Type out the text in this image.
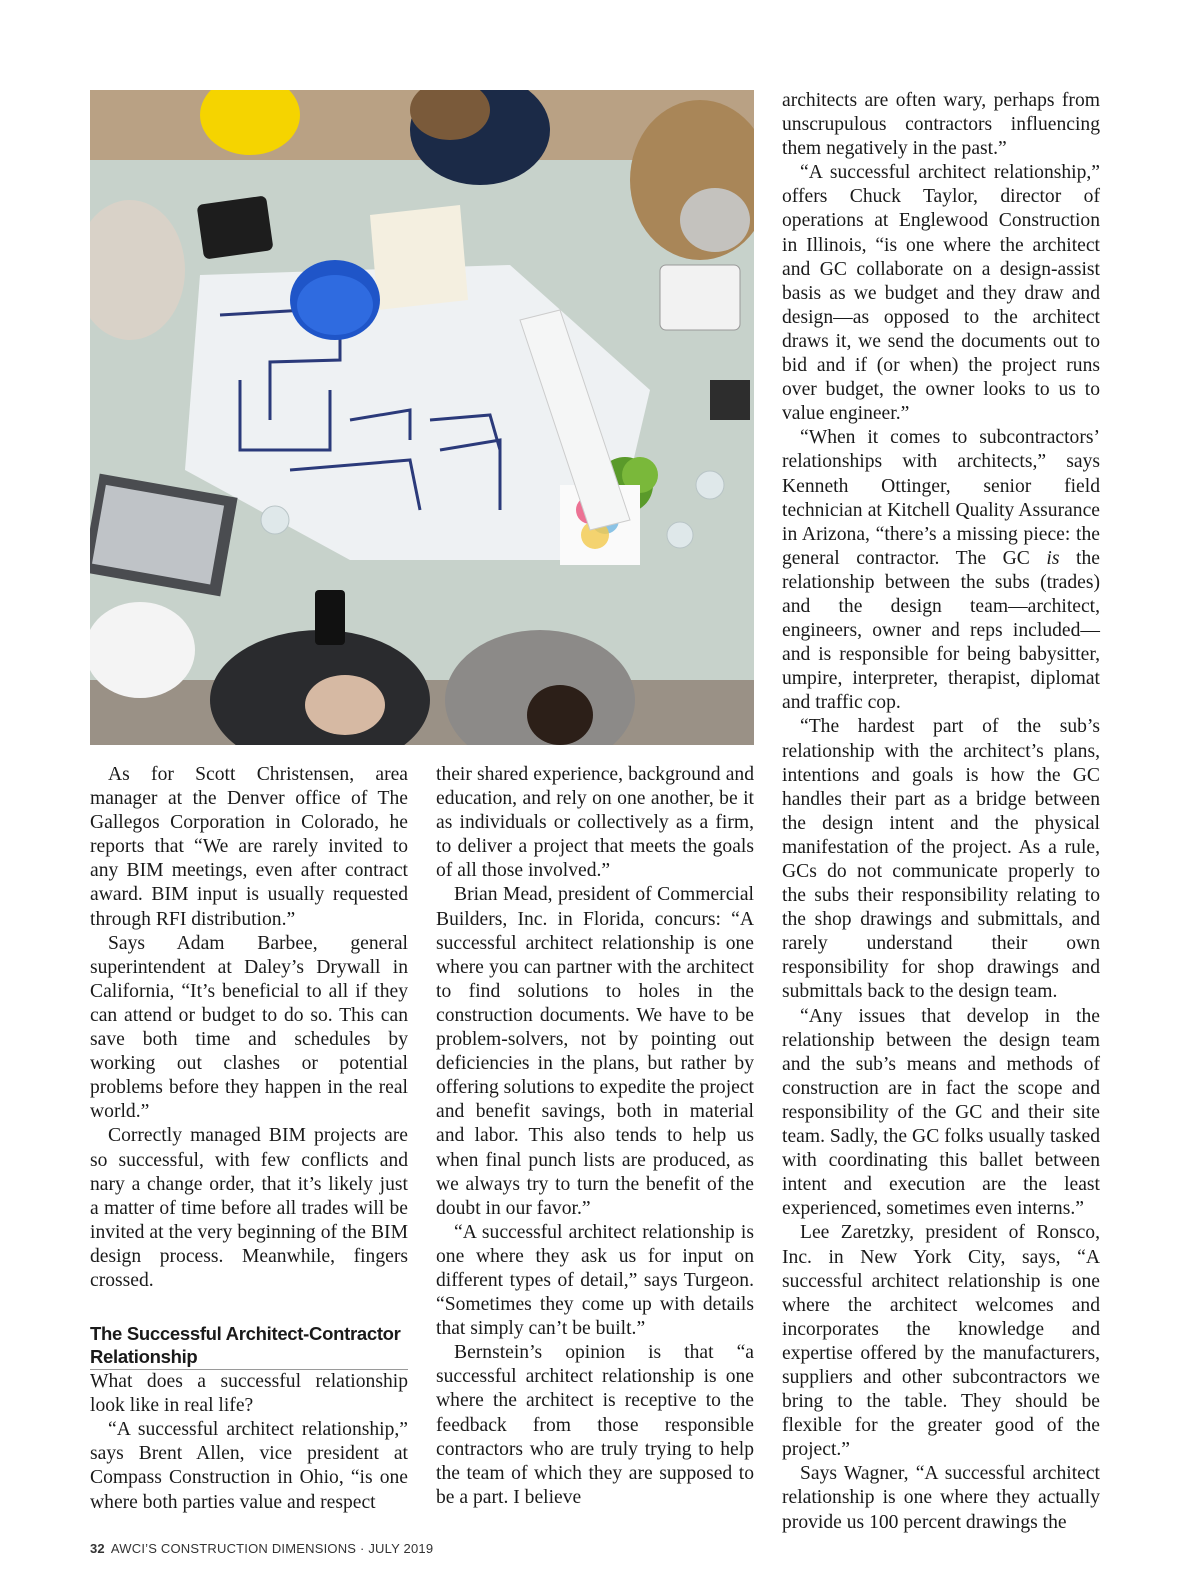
As for Scott Christensen, area manager at the Denver office of The Gallegos Corporation in Colorado, he reports that “We are rarely invited to any BIM meetings, even after contract award. BIM input is usually requested through RFI distribution.”

Says Adam Barbee, general superintendent at Daley’s Drywall in California, “It’s beneficial to all if they can attend or budget to do so. This can save both time and schedules by working out clashes or potential problems before they happen in the real world.”

Correctly managed BIM projects are so successful, with few conflicts and nary a change order, that it’s likely just a matter of time before all trades will be invited at the very beginning of the BIM design process. Meanwhile, fingers crossed.

The Successful Architect-Contractor Relationship

What does a successful relationship look like in real life?

“A successful architect relationship,” says Brent Allen, vice president at Compass Construction in Ohio, “is one where both parties value and respect

their shared experience, background and education, and rely on one another, be it as individuals or collectively as a firm, to deliver a project that meets the goals of all those involved.”

Brian Mead, president of Commercial Builders, Inc. in Florida, concurs: “A successful architect relationship is one where you can partner with the architect to find solutions to holes in the construction documents. We have to be problem-solvers, not by pointing out deficiencies in the plans, but rather by offering solutions to expedite the project and benefit savings, both in material and labor. This also tends to help us when final punch lists are produced, as we always try to turn the benefit of the doubt in our favor.”

“A successful architect relationship is one where they ask us for input on different types of detail,” says Turgeon. “Sometimes they come up with details that simply can’t be built.”

Bernstein’s opinion is that “a successful architect relationship is one where the architect is receptive to the feedback from those responsible contractors who are truly trying to help the team of which they are supposed to be a part. I believe

architects are often wary, perhaps from unscrupulous contractors influencing them negatively in the past.”

“A successful architect relationship,” offers Chuck Taylor, director of operations at Englewood Construction in Illinois, “is one where the architect and GC collaborate on a design-assist basis as we budget and they draw and design—as opposed to the architect draws it, we send the documents out to bid and if (or when) the project runs over budget, the owner looks to us to value engineer.”

“When it comes to subcontractors’ relationships with architects,” says Kenneth Ottinger, senior field technician at Kitchell Quality Assurance in Arizona, “there’s a missing piece: the general contractor. The GC is the relationship between the subs (trades) and the design team—architect, engineers, owner and reps included—and is responsible for being babysitter, umpire, interpreter, therapist, diplomat and traffic cop.

“The hardest part of the sub’s relationship with the architect’s plans, intentions and goals is how the GC handles their part as a bridge between the design intent and the physical manifestation of the project. As a rule, GCs do not communicate properly to the subs their responsibility relating to the shop drawings and submittals, and rarely understand their own responsibility for shop drawings and submittals back to the design team.

“Any issues that develop in the relationship between the design team and the sub’s means and methods of construction are in fact the scope and responsibility of the GC and their site team. Sadly, the GC folks usually tasked with coordinating this ballet between intent and execution are the least experienced, sometimes even interns.”

Lee Zaretzky, president of Ronsco, Inc. in New York City, says, “A successful architect relationship is one where the architect welcomes and incorporates the knowledge and expertise offered by the manufacturers, suppliers and other subcontractors we bring to the table. They should be flexible for the greater good of the project.”

Says Wagner, “A successful architect relationship is one where they actually provide us 100 percent drawings the

32 AWCI’S CONSTRUCTION DIMENSIONS · JULY 2019
